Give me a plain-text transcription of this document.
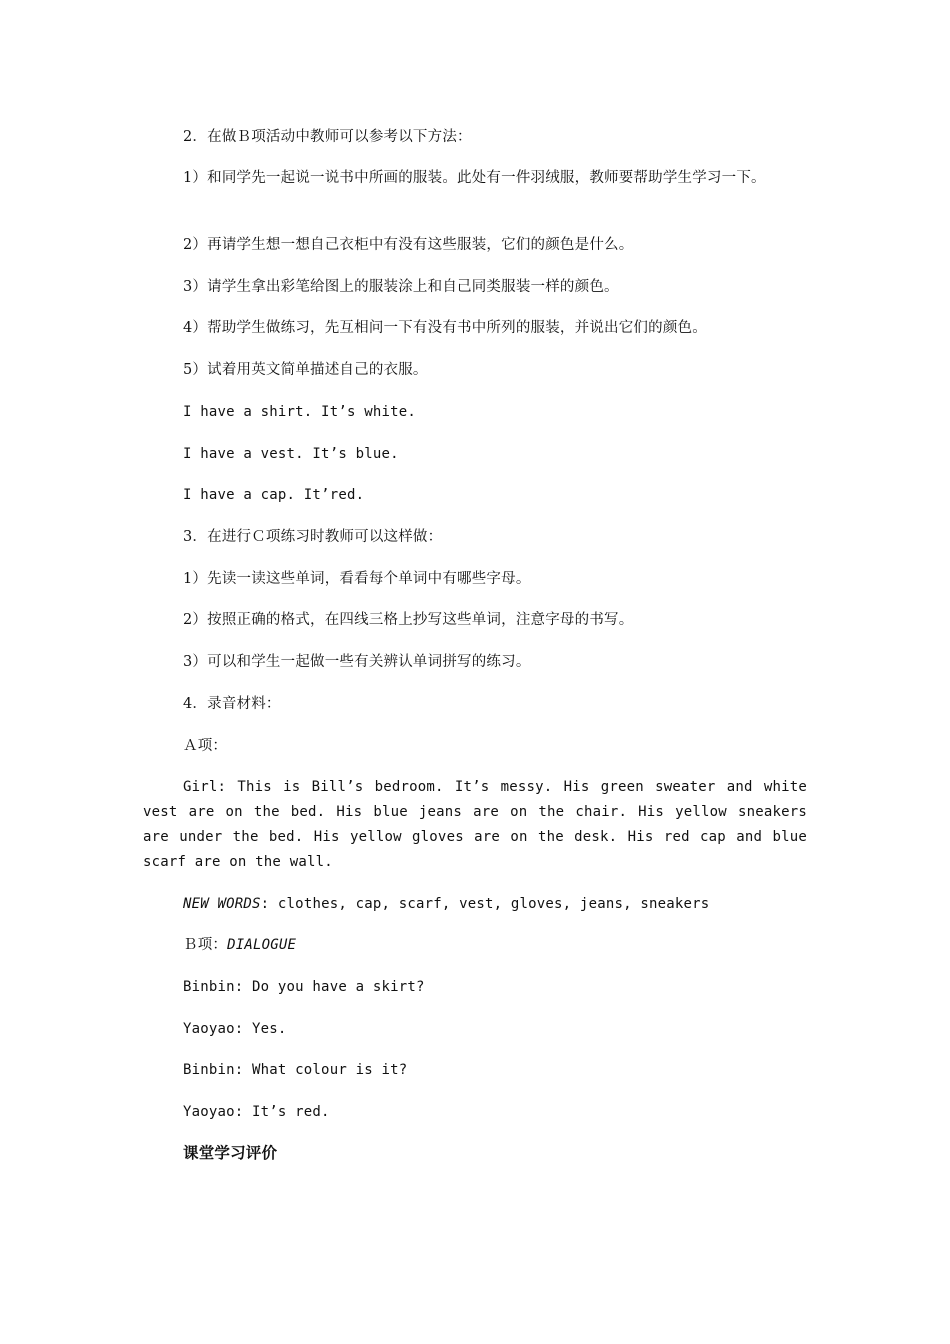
2．在做Ｂ项活动中教师可以参考以下方法：
1）和同学先一起说一说书中所画的服装。此处有一件羽绒服，教师要帮助学生学习一下。
2）再请学生想一想自己衣柜中有没有这些服装，它们的颜色是什么。
3）请学生拿出彩笔给图上的服装涂上和自己同类服装一样的颜色。
4）帮助学生做练习，先互相问一下有没有书中所列的服装，并说出它们的颜色。
5）试着用英文简单描述自己的衣服。
I have a shirt. It’s white.
I have a vest. It’s blue.
I have a cap. It’red.
3．在进行Ｃ项练习时教师可以这样做：
1）先读一读这些单词，看看每个单词中有哪些字母。
2）按照正确的格式，在四线三格上抄写这些单词，注意字母的书写。
3）可以和学生一起做一些有关辨认单词拼写的练习。
4．录音材料：
Ａ项：
Girl: This is Bill’s bedroom. It’s messy. His green sweater and white vest are on the bed. His blue jeans are on the chair. His yellow sneakers are under the bed. His yellow gloves are on the desk. His red cap and blue scarf are on the wall.
NEW WORDS: clothes, cap, scarf, vest, gloves, jeans, sneakers
Ｂ项：DIALOGUE
Binbin: Do you have a skirt?
Yaoyao: Yes.
Binbin: What colour is it?
Yaoyao: It’s red.
课堂学习评价
